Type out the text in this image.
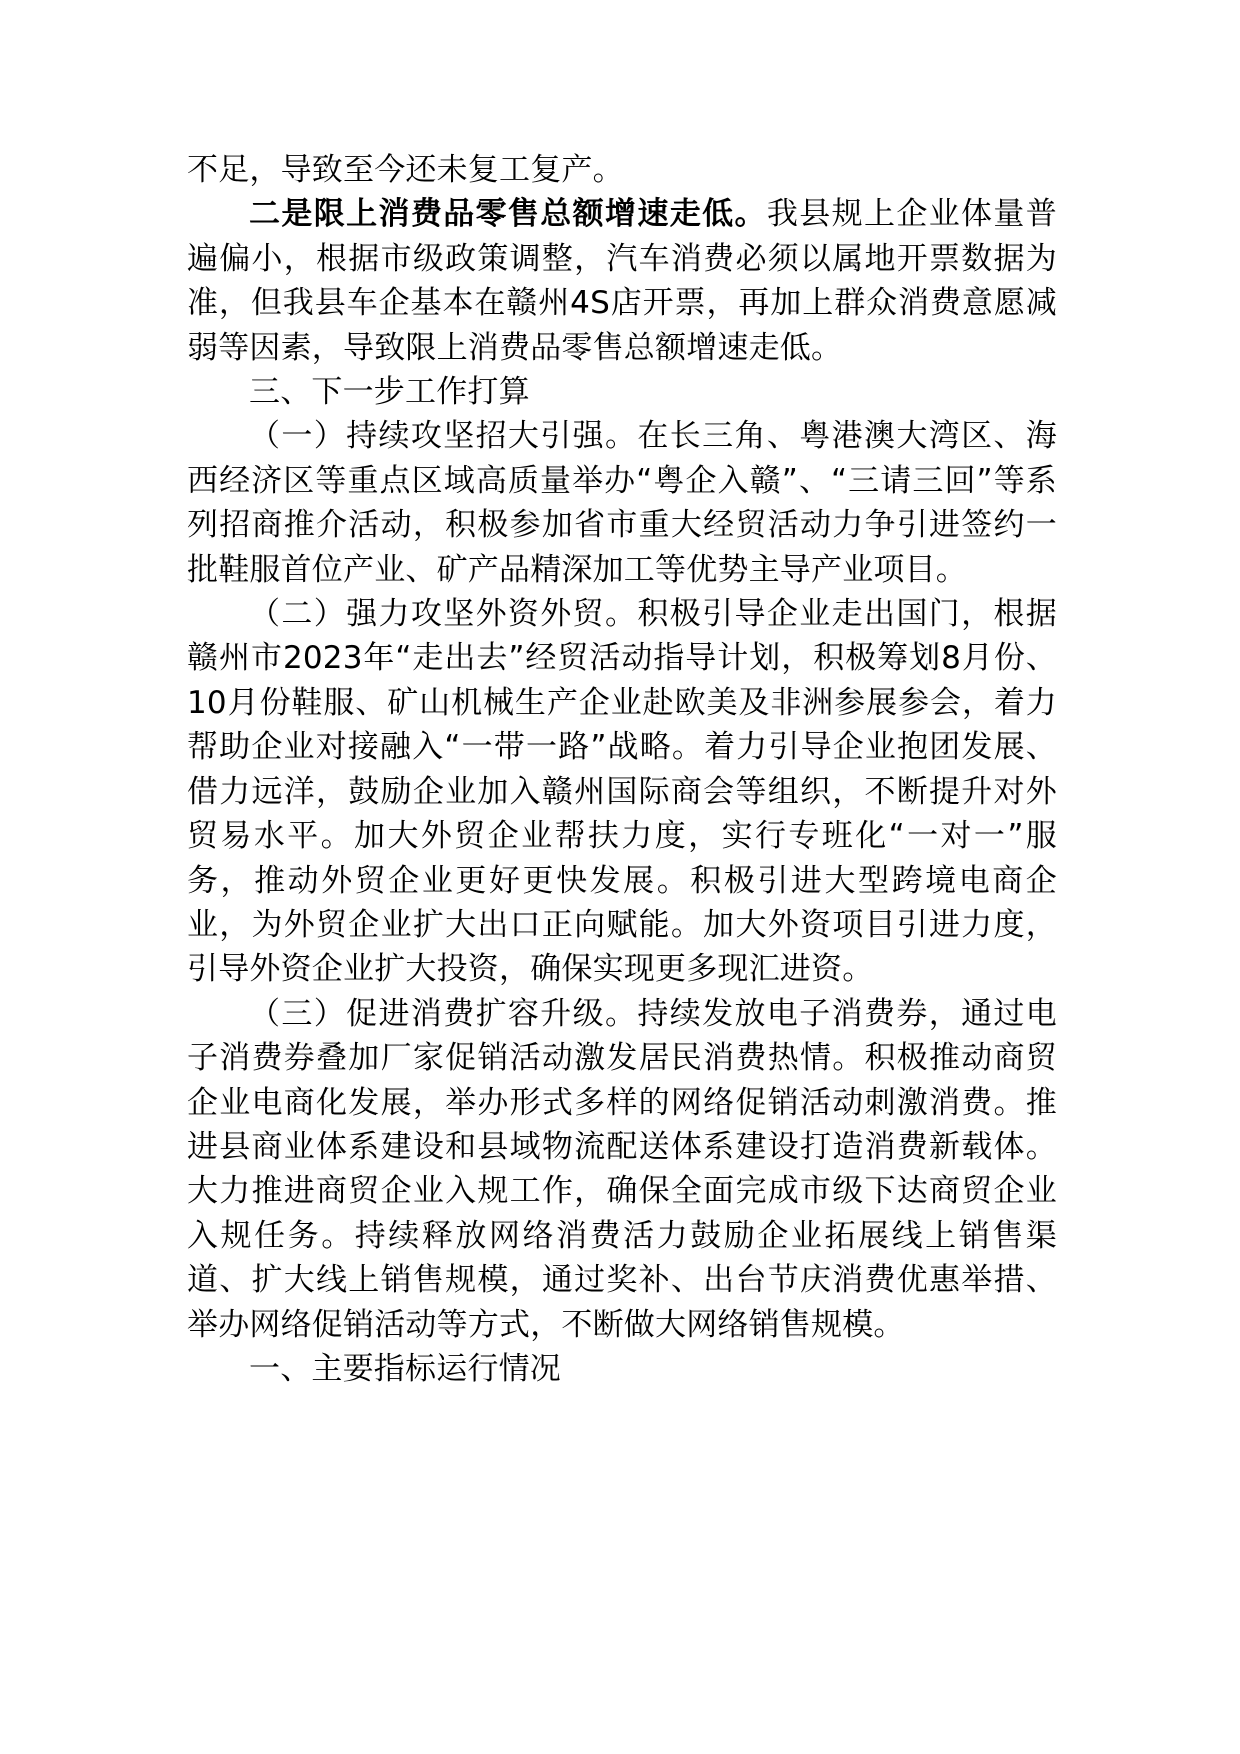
不足，导致至今还未复工复产。

二是限上消费品零售总额增速走低。我县规上企业体量普遍偏小，根据市级政策调整，汽车消费必须以属地开票数据为准，但我县车企基本在赣州4S店开票，再加上群众消费意愿减弱等因素，导致限上消费品零售总额增速走低。

三、下一步工作打算

（一）持续攻坚招大引强。在长三角、粤港澳大湾区、海西经济区等重点区域高质量举办“粤企入赣”、“三请三回”等系列招商推介活动，积极参加省市重大经贸活动力争引进签约一批鞋服首位产业、矿产品精深加工等优势主导产业项目。

（二）强力攻坚外资外贸。积极引导企业走出国门，根据赣州市2023年“走出去”经贸活动指导计划，积极筹划8月份、10月份鞋服、矿山机械生产企业赴欧美及非洲参展参会，着力帮助企业对接融入“一带一路”战略。着力引导企业抱团发展、借力远洋，鼓励企业加入赣州国际商会等组织，不断提升对外贸易水平。加大外贸企业帮扶力度，实行专班化“一对一”服务，推动外贸企业更好更快发展。积极引进大型跨境电商企业，为外贸企业扩大出口正向赋能。加大外资项目引进力度，引导外资企业扩大投资，确保实现更多现汇进资。

（三）促进消费扩容升级。持续发放电子消费券，通过电子消费券叠加厂家促销活动激发居民消费热情。积极推动商贸企业电商化发展，举办形式多样的网络促销活动刺激消费。推进县商业体系建设和县域物流配送体系建设打造消费新载体。大力推进商贸企业入规工作，确保全面完成市级下达商贸企业入规任务。持续释放网络消费活力鼓励企业拓展线上销售渠道、扩大线上销售规模，通过奖补、出台节庆消费优惠举措、举办网络促销活动等方式，不断做大网络销售规模。

一、主要指标运行情况
